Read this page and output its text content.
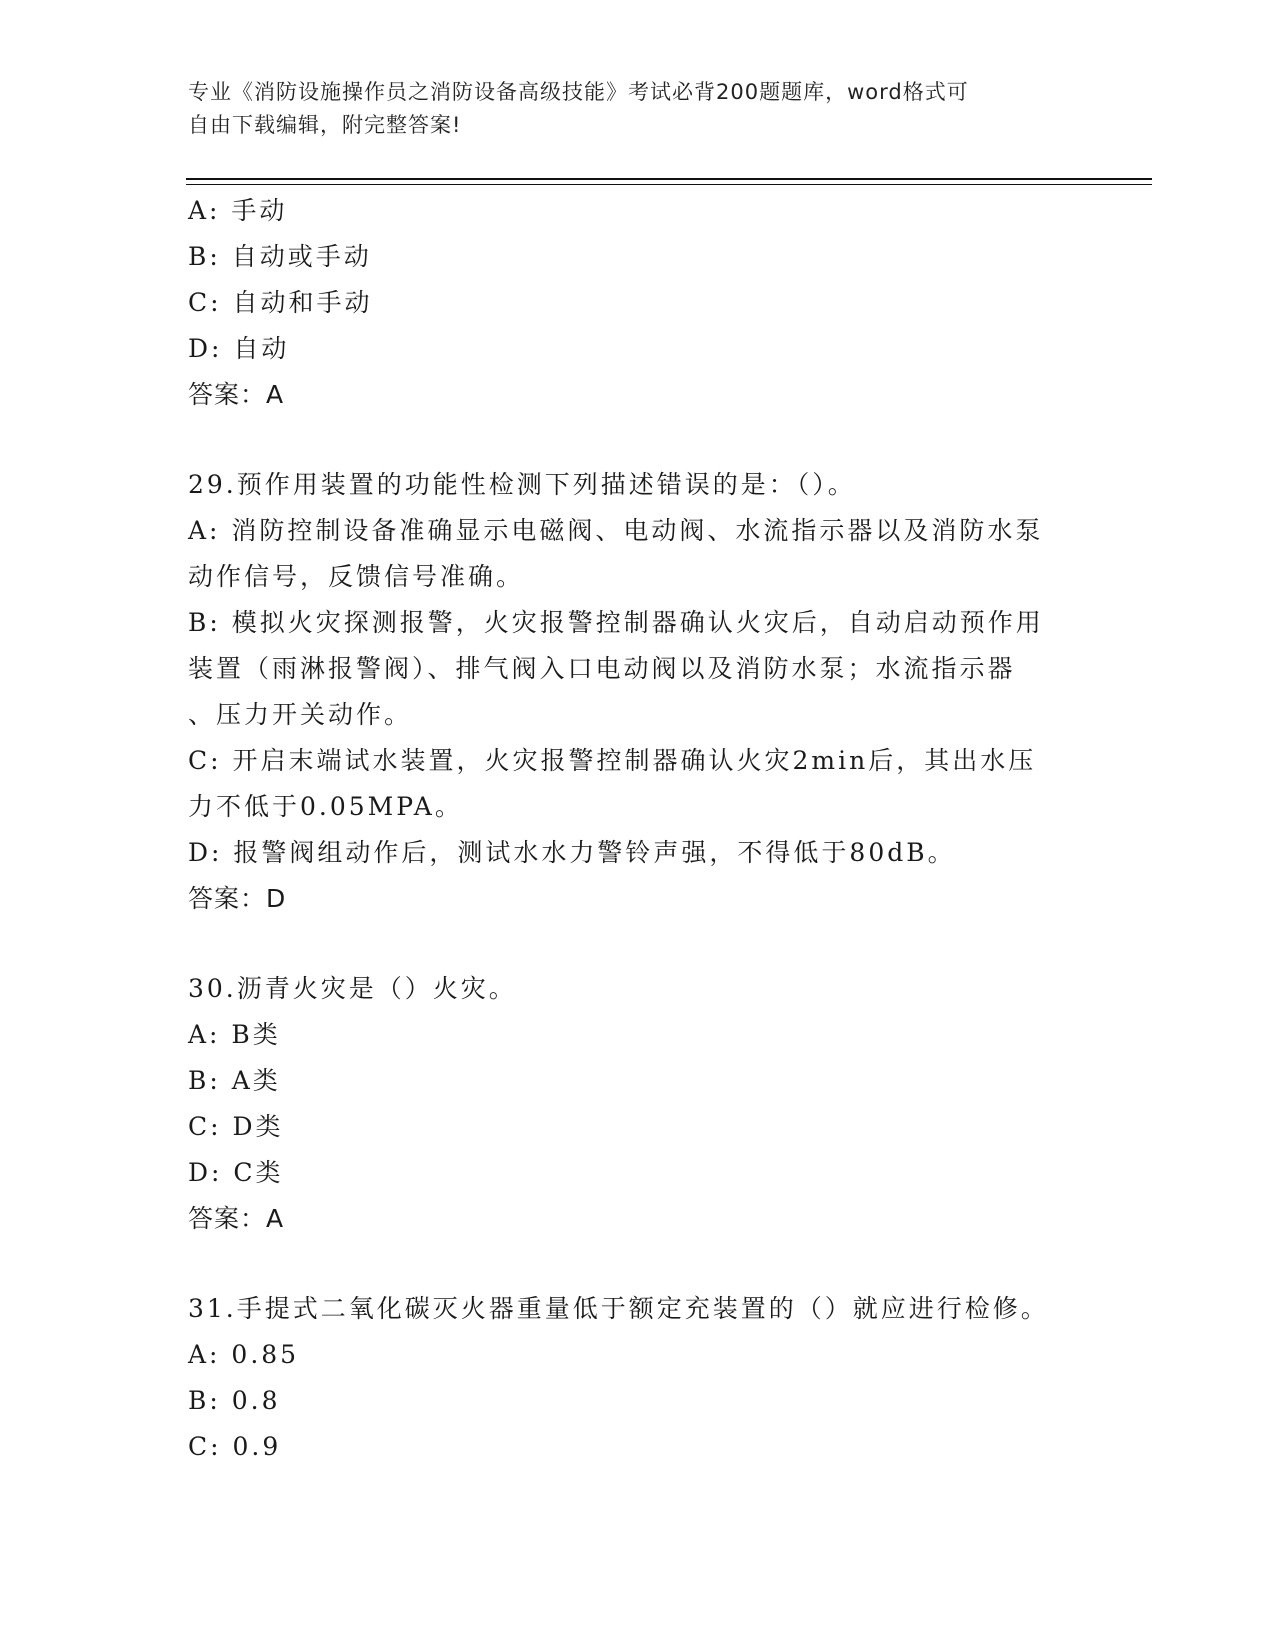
专业《消防设施操作员之消防设备高级技能》考试必背200题题库，word格式可
自由下载编辑，附完整答案!
A: 手动
B: 自动或手动
C: 自动和手动
D: 自动
答案：A
29.预作用装置的功能性检测下列描述错误的是：（）。
A: 消防控制设备准确显示电磁阀、电动阀、水流指示器以及消防水泵
动作信号，反馈信号准确。
B: 模拟火灾探测报警，火灾报警控制器确认火灾后，自动启动预作用
装置（雨淋报警阀）、排气阀入口电动阀以及消防水泵；水流指示器
、压力开关动作。
C: 开启末端试水装置，火灾报警控制器确认火灾2min后，其出水压
力不低于0.05MPA。
D: 报警阀组动作后，测试水水力警铃声强，不得低于80dB。
答案：D
30.沥青火灾是（）火灾。
A: B类
B: A类
C: D类
D: C类
答案：A
31.手提式二氧化碳灭火器重量低于额定充装置的（）就应进行检修。
A: 0.85
B: 0.8
C: 0.9
